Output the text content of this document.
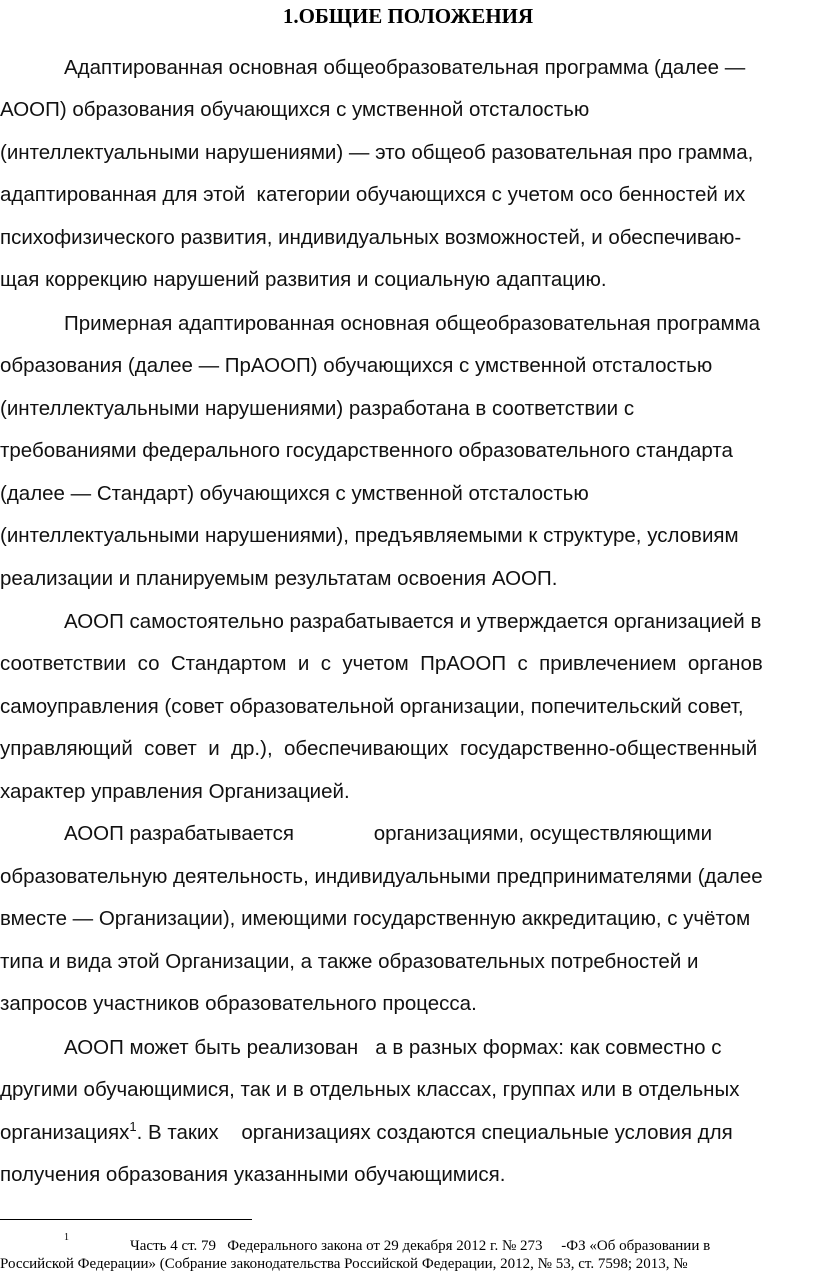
1.ОБЩИЕ ПОЛОЖЕНИЯ
Адаптированная основная общеобразовательная программа (далее —
АООП) образования обучающихся с умственной отсталостью
(интеллектуальными нарушениями) — это общеоб разовательная про грамма,
адаптированная для этой  категории обучающихся с учетом осо бенностей их
психофизического развития, индивидуальных возможностей, и обеспечиваю-
щая коррекцию нарушений развития и социальную адаптацию.
Примерная адаптированная основная общеобразовательная программа
образования (далее — ПрАООП) обучающихся с умственной отсталостью
(интеллектуальными нарушениями) разработана в соответствии с
требованиями федерального государственного образовательного стандарта
(далее — Стандарт) обучающихся с умственной отсталостью
(интеллектуальными нарушениями), предъявляемыми к структуре, условиям
реализации и планируемым результатам освоения АООП.
АООП самостоятельно разрабатывается и утверждается организацией в
соответствии  со  Стандартом  и  с  учетом  ПрАООП  с  привлечением  органов
самоуправления (совет образовательной организации, попечительский совет,
управляющий  совет  и  др.),  обеспечивающих  государственно-общественный
характер управления Организацией.
АООП разрабатывается              организациями, осуществляющими
образовательную деятельность, индивидуальными предпринимателями (далее
вместе — Организации), имеющими государственную аккредитацию, с учётом
типа и вида этой Организации, а также образовательных потребностей и
запросов участников образовательного процесса.
АООП может быть реализован   а в разных формах: как совместно с
другими обучающимися, так и в отдельных классах, группах или в отдельных
организациях$^1$. В таких    организациях создаются специальные условия для
получения образования указанными обучающимися.
$^1$
Часть 4 ст. 79   Федерального закона от 29 декабря 2012 г. № 273     -ФЗ «Об образовании в
Российской Федерации» (Собрание законодательства Российской Федерации, 2012, № 53, ст. 7598; 2013, №
